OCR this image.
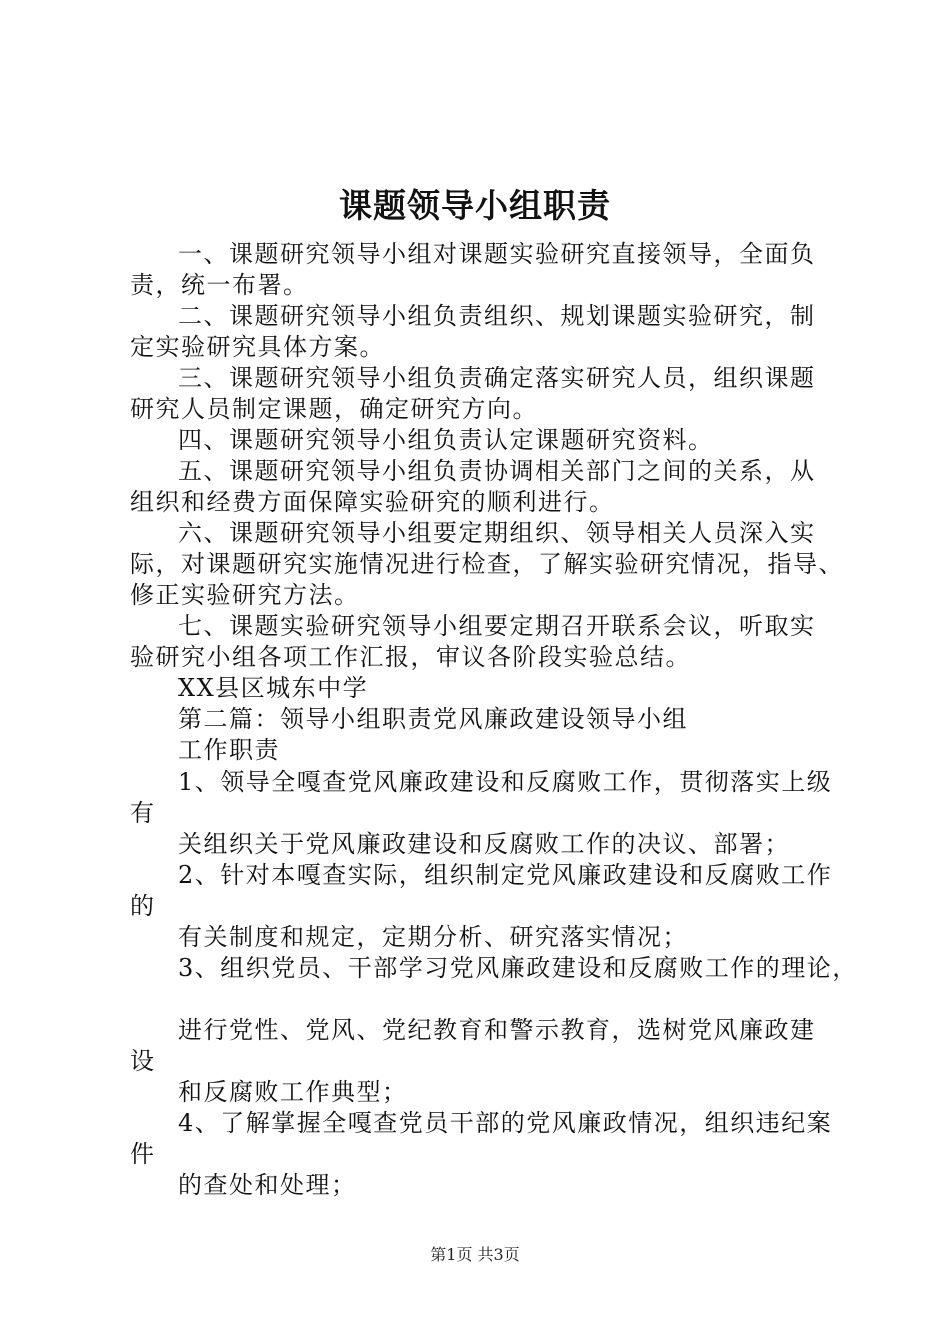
课题领导小组职责
一、课题研究领导小组对课题实验研究直接领导，全面负
责，统一布署。
二、课题研究领导小组负责组织、规划课题实验研究，制
定实验研究具体方案。
三、课题研究领导小组负责确定落实研究人员，组织课题
研究人员制定课题，确定研究方向。
四、课题研究领导小组负责认定课题研究资料。
五、课题研究领导小组负责协调相关部门之间的关系，从
组织和经费方面保障实验研究的顺利进行。
六、课题研究领导小组要定期组织、领导相关人员深入实
际，对课题研究实施情况进行检查，了解实验研究情况，指导、
修正实验研究方法。
七、课题实验研究领导小组要定期召开联系会议，听取实
验研究小组各项工作汇报，审议各阶段实验总结。
XX县区城东中学
第二篇：领导小组职责党风廉政建设领导小组
工作职责
1、领导全嘎查党风廉政建设和反腐败工作，贯彻落实上级
有
关组织关于党风廉政建设和反腐败工作的决议、部署；
2、针对本嘎查实际，组织制定党风廉政建设和反腐败工作
的
有关制度和规定，定期分析、研究落实情况；
3、组织党员、干部学习党风廉政建设和反腐败工作的理论，
进行党性、党风、党纪教育和警示教育，选树党风廉政建
设
和反腐败工作典型；
4、了解掌握全嘎查党员干部的党风廉政情况，组织违纪案
件
的查处和处理；
第1页 共3页
